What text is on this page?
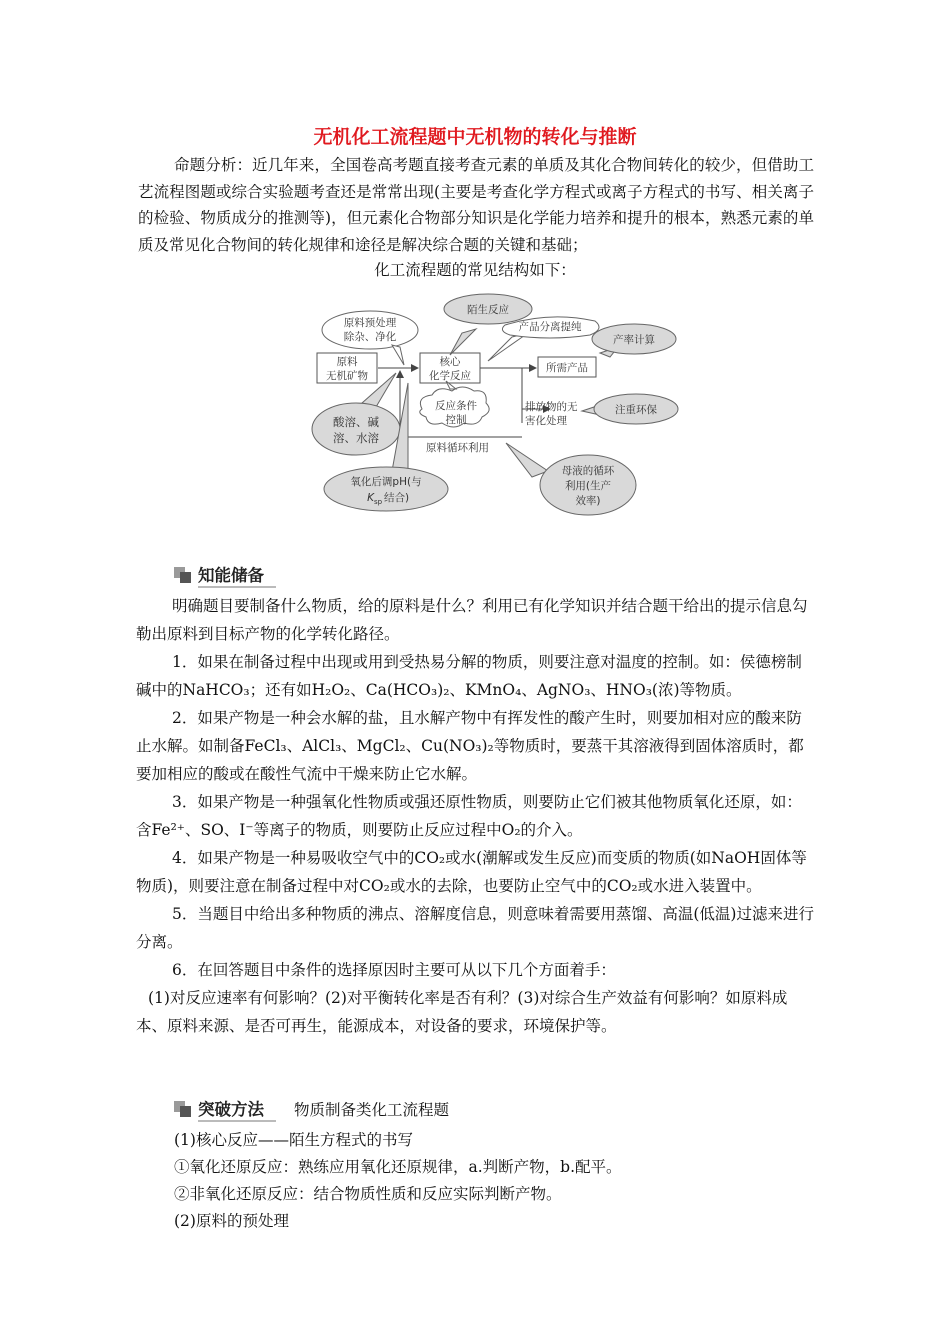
无机化工流程题中无机物的转化与推断

命题分析：近几年来，全国卷高考题直接考查元素的单质及其化合物间转化的较少，但借助工艺流程图题或综合实验题考查还是常常出现(主要是考查化学方程式或离子方程式的书写、相关离子的检验、物质成分的推测等)，但元素化合物部分知识是化学能力培养和提升的根本，熟悉元素的单质及常见化合物间的转化规律和途径是解决综合题的关键和基础；

化工流程题的常见结构如下：
原料
无机矿物
核心
化学反应
所需产品
排放物的无
害化处理
原料循环利用
原料预处理
除杂、净化
陌生反应
产品分离提纯
产率计算
注重环保
反应条件
控制
酸溶、碱
溶、水溶
氧化后调pH(与
K sp 结合)
母液的循环
利用(生产
效率)
知能储备

明确题目要制备什么物质，给的原料是什么？利用已有化学知识并结合题干给出的提示信息勾勒出原料到目标产物的化学转化路径。

1．如果在制备过程中出现或用到受热易分解的物质，则要注意对温度的控制。如：侯德榜制碱中的NaHCO₃；还有如H₂O₂、Ca(HCO₃)₂、KMnO₄、AgNO₃、HNO₃(浓)等物质。

2．如果产物是一种会水解的盐，且水解产物中有挥发性的酸产生时，则要加相对应的酸来防止水解。如制备FeCl₃、AlCl₃、MgCl₂、Cu(NO₃)₂等物质时，要蒸干其溶液得到固体溶质时，都要加相应的酸或在酸性气流中干燥来防止它水解。

3．如果产物是一种强氧化性物质或强还原性物质，则要防止它们被其他物质氧化还原，如：含Fe²⁺、SO、I⁻等离子的物质，则要防止反应过程中O₂的介入。

4．如果产物是一种易吸收空气中的CO₂或水(潮解或发生反应)而变质的物质(如NaOH固体等物质)，则要注意在制备过程中对CO₂或水的去除，也要防止空气中的CO₂或水进入装置中。

5．当题目中给出多种物质的沸点、溶解度信息，则意味着需要用蒸馏、高温(低温)过滤来进行分离。

6．在回答题目中条件的选择原因时主要可从以下几个方面着手：

(1)对反应速率有何影响？(2)对平衡转化率是否有利？(3)对综合生产效益有何影响？如原料成本、原料来源、是否可再生，能源成本，对设备的要求，环境保护等。

突破方法	物质制备类化工流程题
(1)核心反应——陌生方程式的书写
①氧化还原反应：熟练应用氧化还原规律，a.判断产物，b.配平。
②非氧化还原反应：结合物质性质和反应实际判断产物。
(2)原料的预处理
